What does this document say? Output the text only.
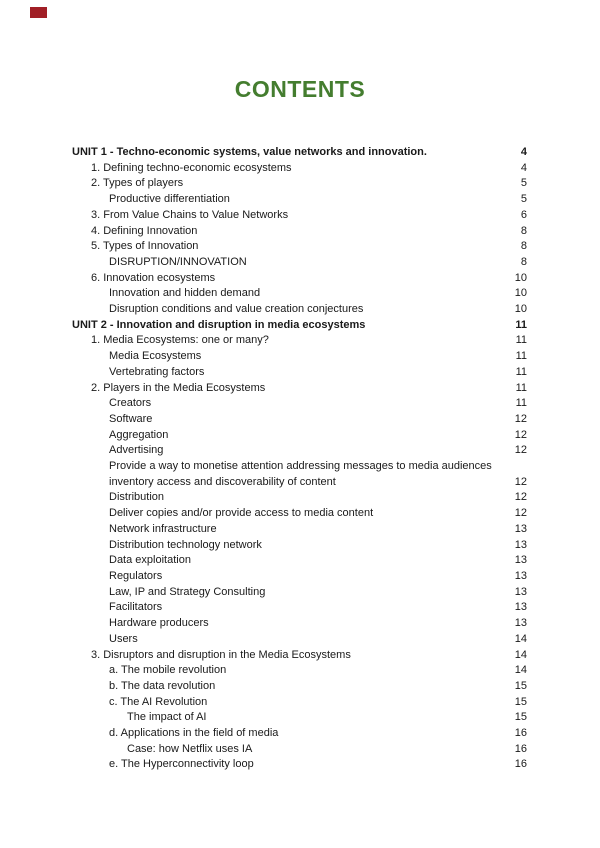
CONTENTS
UNIT 1 - Techno-economic systems, value networks and innovation.	4
1. Defining techno-economic ecosystems	4
2. Types of players	5
Productive differentiation	5
3. From Value Chains to Value Networks	6
4. Defining Innovation	8
5. Types of Innovation	8
DISRUPTION/INNOVATION	8
6. Innovation ecosystems	10
Innovation and hidden demand	10
Disruption conditions and value creation conjectures	10
UNIT 2 - Innovation and disruption in media ecosystems	11
1. Media Ecosystems: one or many?	11
Media Ecosystems	11
Vertebrating factors	11
2. Players in the Media Ecosystems	11
Creators	11
Software	12
Aggregation	12
Advertising	12
Provide a way to monetise attention addressing messages to media audiences inventory access and discoverability of content	12
Distribution	12
Deliver copies and/or provide access to media content	12
Network infrastructure	13
Distribution technology network	13
Data exploitation	13
Regulators	13
Law, IP and Strategy Consulting	13
Facilitators	13
Hardware producers	13
Users	14
3. Disruptors and disruption in the Media Ecosystems	14
a. The mobile revolution	14
b. The data revolution	15
c. The AI Revolution	15
The impact of AI	15
d. Applications in the field of media	16
Case: how Netflix uses IA	16
e. The Hyperconnectivity loop	16
